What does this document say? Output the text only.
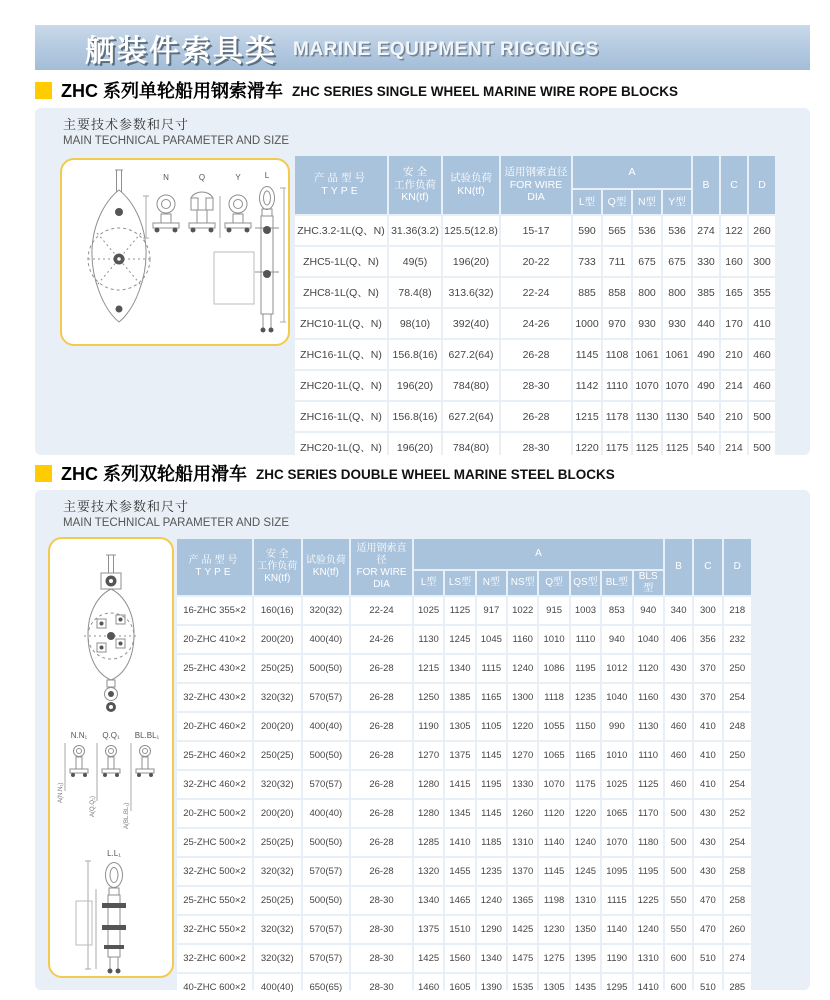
舾装件索具类 MARINE EQUIPMENT RIGGINGS
ZHC 系列单轮船用钢索滑车 ZHC SERIES SINGLE WHEEL MARINE WIRE ROPE BLOCKS
主要技术参数和尺寸
MAIN TECHNICAL PARAMETER AND SIZE
N	Q	Y	L	产品型号
TYPE

安 全
工作负荷
KN(tf)

试验负荷
KN(tf)

适用钢索直径
FOR WIRE DIA
	A	B	C	D
				L型	Q型	N型	Y型			
ZHC.3.2-1L(Q、N)	31.36(3.2)	125.5(12.8)	15-17	590	565	536	536	274	122	260
ZHC5-1L(Q、N)	49(5)	196(20)	20-22	733	711	675	675	330	160	300
ZHC8-1L(Q、N)	78.4(8)	313.6(32)	22-24	885	858	800	800	385	165	355
ZHC10-1L(Q、N)	98(10)	392(40)	24-26	1000	970	930	930	440	170	410
ZHC16-1L(Q、N)	156.8(16)	627.2(64)	26-28	1145	1108	1061	1061	490	210	460
ZHC20-1L(Q、N)	196(20)	784(80)	28-30	1142	1110	1070	1070	490	214	460
ZHC16-1L(Q、N)	156.8(16)	627.2(64)	26-28	1215	1178	1130	1130	540	210	500
ZHC20-1L(Q、N)	196(20)	784(80)	28-30	1220	1175	1125	1125	540	214	500
ZHC 系列双轮船用滑车 ZHC SERIES DOUBLE WHEEL MARINE STEEL BLOCKS
主要技术参数和尺寸
MAIN TECHNICAL PARAMETER AND SIZE
N.N₁ Q.Q₁ BL.BL₁
L.L₁
A(N.N₁)
A(Q.Q₁)	A(BL.BL₁)
产品型号
TYPE

安 全
工作负荷
KN(tf)

试验负荷
KN(tf)

适用钢索直径
FOR WIRE DIA
	A	B	C	D
				L型	LS型	N型	NS型	Q型	QS型	BL型	BLS型			
16-ZHC 355×2	160(16)	320(32)	22-24	1025	1125	917	1022	915	1003	853	940	340	300	218
20-ZHC 410×2	200(20)	400(40)	24-26	1130	1245	1045	1160	1010	1110	940	1040	406	356	232
25-ZHC 430×2	250(25)	500(50)	26-28	1215	1340	1115	1240	1086	1195	1012	1120	430	370	250
32-ZHC 430×2	320(32)	570(57)	26-28	1250	1385	1165	1300	1118	1235	1040	1160	430	370	254
20-ZHC 460×2	200(20)	400(40)	26-28	1190	1305	1105	1220	1055	1150	990	1130	460	410	248
25-ZHC 460×2	250(25)	500(50)	26-28	1270	1375	1145	1270	1065	1165	1010	1110	460	410	250
32-ZHC 460×2	320(32)	570(57)	26-28	1280	1415	1195	1330	1070	1175	1025	1125	460	410	254
20-ZHC 500×2	200(20)	400(40)	26-28	1280	1345	1145	1260	1120	1220	1065	1170	500	430	252
25-ZHC 500×2	250(25)	500(50)	26-28	1285	1410	1185	1310	1140	1240	1070	1180	500	430	254
32-ZHC 500×2	320(32)	570(57)	26-28	1320	1455	1235	1370	1145	1245	1095	1195	500	430	258
25-ZHC 550×2	250(25)	500(50)	28-30	1340	1465	1240	1365	1198	1310	1115	1225	550	470	258
32-ZHC 550×2	320(32)	570(57)	28-30	1375	1510	1290	1425	1230	1350	1140	1240	550	470	260
32-ZHC 600×2	320(32)	570(57)	28-30	1425	1560	1340	1475	1275	1395	1190	1310	600	510	274
40-ZHC 600×2	400(40)	650(65)	28-30	1460	1605	1390	1535	1305	1435	1295	1410	600	510	285
